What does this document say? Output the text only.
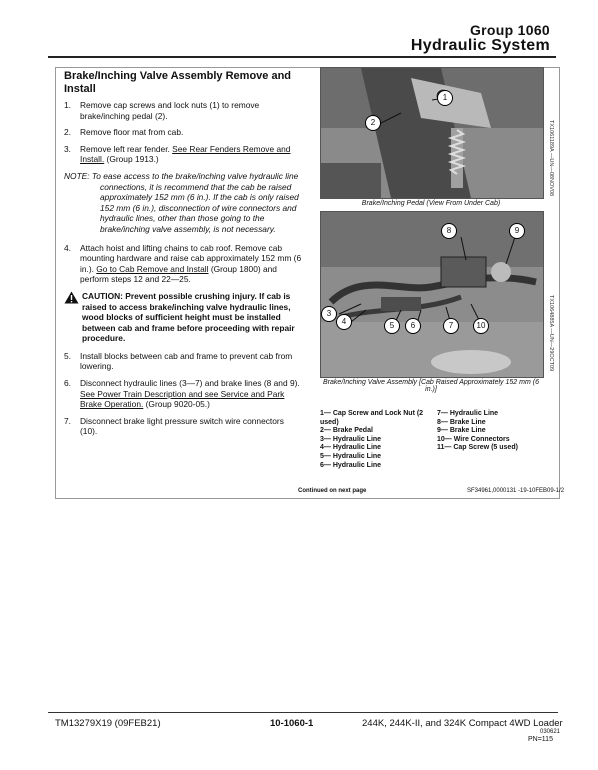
Group 1060
Hydraulic System
Brake/Inching Valve Assembly Remove and Install
1. Remove cap screws and lock nuts (1) to remove brake/inching pedal (2).
2. Remove floor mat from cab.
3. Remove left rear fender. See Rear Fenders Remove and Install. (Group 1913.)
NOTE: To ease access to the brake/inching valve hydraulic line connections, it is recommend that the cab be raised approximately 152 mm (6 in.). If the cab is only raised 152 mm (6 in.), disconnection of wire connectors and hydraulic lines, other than those going to the brake/inching valve assembly, is not necessary.
4. Attach hoist and lifting chains to cab roof. Remove cab mounting hardware and raise cab approximately 152 mm (6 in.). Go to Cab Remove and Install (Group 1800) and perform steps 12 and 22—25.
CAUTION: Prevent possible crushing injury. If cab is raised to access brake/inching valve hydraulic lines, wood blocks of sufficient height must be installed between cab and frame before proceeding with repair procedure.
5. Install blocks between cab and frame to prevent cab from lowering.
6. Disconnect hydraulic lines (3—7) and brake lines (8 and 9). See Power Train Description and see Service and Park Brake Operation. (Group 9020-05.)
7. Disconnect brake light pressure switch wire connectors (10).
1
2	TX1061189A —UN—08NOV08
Brake/Inching Pedal (View From Under Cab)
8	9
3
4	5	6	7	10	TX1064885A —UN—29OCT09
Brake/Inching Valve Assembly [Cab Raised Approximately 152 mm (6 in.)]
1— Cap Screw and Lock Nut (2 used)
2— Brake Pedal
3— Hydraulic Line
4— Hydraulic Line
5— Hydraulic Line
6— Hydraulic Line
7— Hydraulic Line
8— Brake Line
9— Brake Line
10— Wire Connectors
11— Cap Screw (5 used)
Continued on next page	SF34961,0000131 -19-10FEB09-1/2
TM13279X19 (09FEB21)	10-1060-1	244K, 244K-II, and 324K Compact 4WD Loader
030621
PN=115
